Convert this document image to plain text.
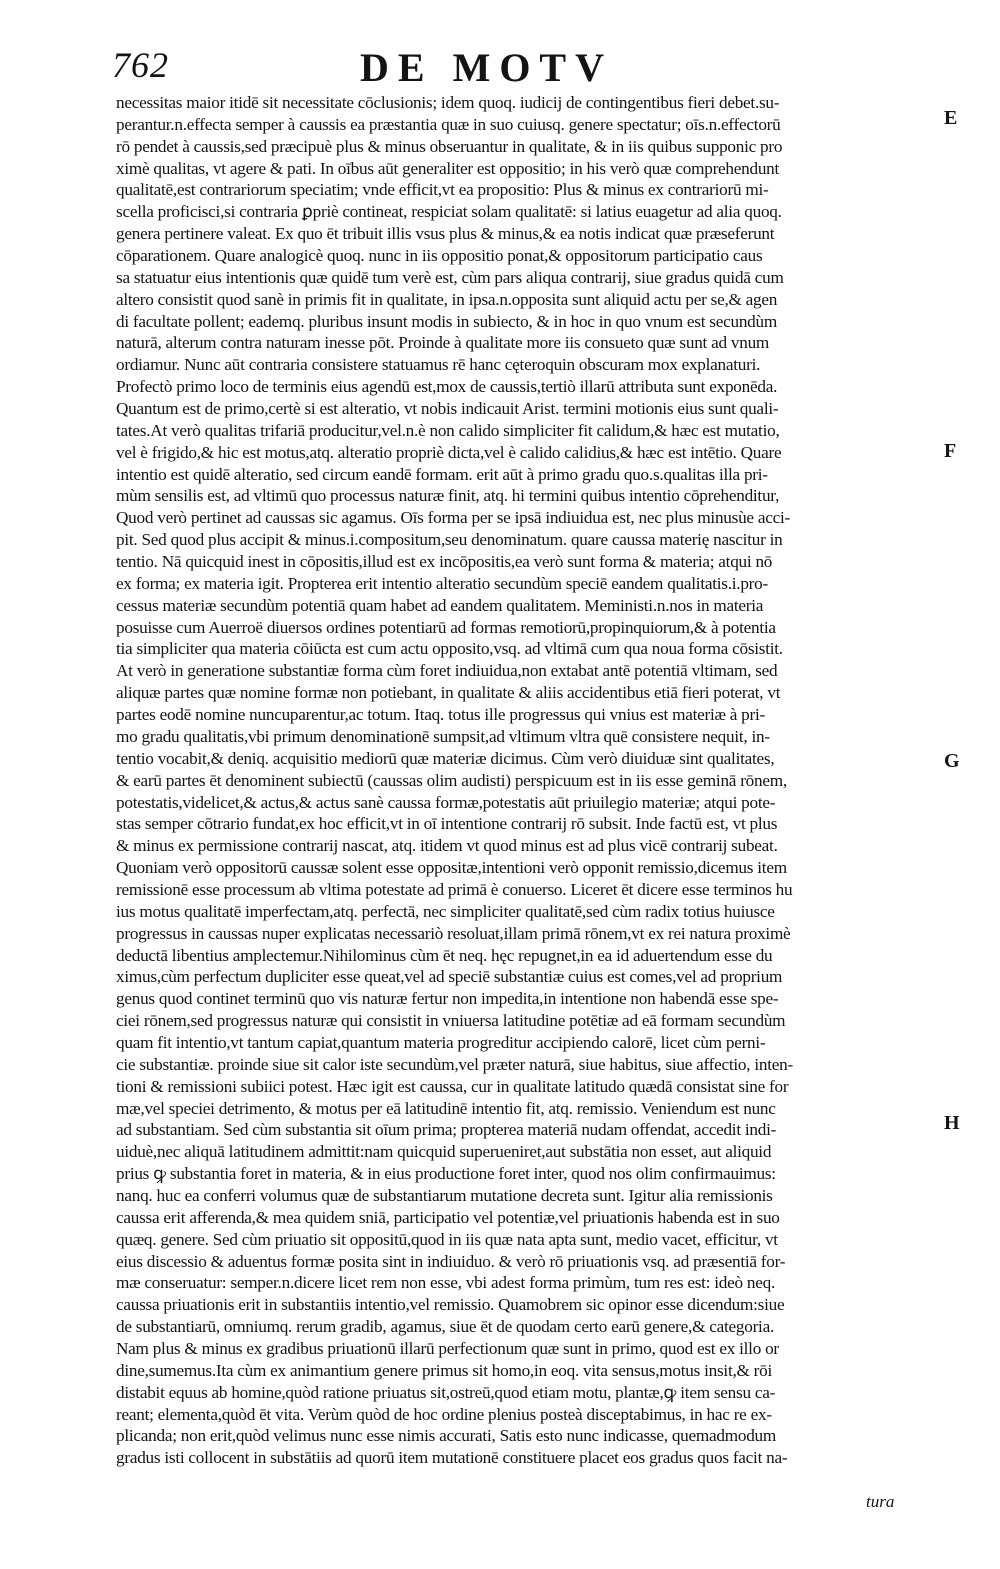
762	DE MOTV
necessitas maior itidē sit necessitate cōclusionis; idem quoq. iudicij de contingentibus fieri debet.su-
perantur.n.effecta semper à caussis ea præstantia quæ in suo cuiusq. genere spectatur; oīs.n.effectorū
rō pendet à caussis,sed præcipuè plus & minus obseruantur in qualitate, & in iis quibus supponic pro
ximè qualitas, vt agere & pati. In oībus aūt generaliter est oppositio; in his verò quæ comprehendunt
qualitatē,est contrariorum speciatim; vnde efficit,vt ea propositio: Plus & minus ex contrariorū mi-
scella proficisci,si contraria ꝑpriè contineat, respiciat solam qualitatē: si latius euagetur ad alia quoq.
genera pertinere valeat. Ex quo ēt tribuit illis vsus plus & minus,& ea notis indicat quæ præseferunt
cōparationem. Quare analogicè quoq. nunc in iis oppositio ponat,& oppositorum participatio caus
sa statuatur eius intentionis quæ quidē tum verè est, cùm pars aliqua contrarij, siue gradus quidā cum
altero consistit quod sanè in primis fit in qualitate, in ipsa.n.opposita sunt aliquid actu per se,& agen
di facultate pollent; eademq. pluribus insunt modis in subiecto, & in hoc in quo vnum est secundùm
naturā, alterum contra naturam inesse pōt. Proinde à qualitate more iis consueto quæ sunt ad vnum
ordiamur. Nunc aūt contraria consistere statuamus rē hanc cęteroquin obscuram mox explanaturi.
Profectò primo loco de terminis eius agendū est,mox de caussis,tertiò illarū attributa sunt exponēda.
Quantum est de primo,certè si est alteratio, vt nobis indicauit Arist. termini motionis eius sunt quali-
tates.At verò qualitas trifariā producitur,vel.n.è non calido simpliciter fit calidum,& hæc est mutatio,
vel è frigido,& hic est motus,atq. alteratio propriè dicta,vel è calido calidius,& hæc est intētio. Quare
intentio est quidē alteratio, sed circum eandē formam. erit aūt à primo gradu quo.s.qualitas illa pri-
mùm sensilis est, ad vltimū quo processus naturæ finit, atq. hi termini quibus intentio cōprehenditur,
Quod verò pertinet ad caussas sic agamus. Oīs forma per se ipsā indiuidua est, nec plus minusùe acci-
pit. Sed quod plus accipit & minus.i.compositum,seu denominatum. quare caussa materię nascitur in
tentio. Nā quicquid inest in cōpositis,illud est ex incōpositis,ea verò sunt forma & materia; atqui nō
ex forma; ex materia igit. Propterea erit intentio alteratio secundùm speciē eandem qualitatis.i.pro-
cessus materiæ secundùm potentiā quam habet ad eandem qualitatem. Meministi.n.nos in materia
posuisse cum Auerroë diuersos ordines potentiarū ad formas remotiorū,propinquiorum,& à potentia
tia simpliciter qua materia cōiūcta est cum actu opposito,vsq. ad vltimā cum qua noua forma cōsistit.
At verò in generatione substantiæ forma cùm foret indiuidua,non extabat antē potentiā vltimam, sed
aliquæ partes quæ nomine formæ non potiebant, in qualitate & aliis accidentibus etiā fieri poterat, vt
partes eodē nomine nuncuparentur,ac totum. Itaq. totus ille progressus qui vnius est materiæ à pri-
mo gradu qualitatis,vbi primum denominationē sumpsit,ad vltimum vltra quē consistere nequit, in-
tentio vocabit,& deniq. acquisitio mediorū quæ materiæ dicimus. Cùm verò diuiduæ sint qualitates,
& earū partes ēt denominent subiectū (caussas olim audisti) perspicuum est in iis esse geminā rōnem,
potestatis,videlicet,& actus,& actus sanè caussa formæ,potestatis aūt priuilegio materiæ; atqui pote-
stas semper cōtrario fundat,ex hoc efficit,vt in oī intentione contrarij rō subsit. Inde factū est, vt plus
& minus ex permissione contrarij nascat, atq. itidem vt quod minus est ad plus vicē contrarij subeat.
Quoniam verò oppositorū caussæ solent esse oppositæ,intentioni verò opponit remissio,dicemus item
remissionē esse processum ab vltima potestate ad primā è conuerso. Liceret ēt dicere esse terminos hu
ius motus qualitatē imperfectam,atq. perfectā, nec simpliciter qualitatē,sed cùm radix totius huiusce
progressus in caussas nuper explicatas necessariò resoluat,illam primā rōnem,vt ex rei natura proximè
deductā libentius amplectemur.Nihilominus cùm ēt neq. hęc repugnet,in ea id aduertendum esse du
ximus,cùm perfectum dupliciter esse queat,vel ad speciē substantiæ cuius est comes,vel ad proprium
genus quod continet terminū quo vis naturæ fertur non impedita,in intentione non habendā esse spe-
ciei rōnem,sed progressus naturæ qui consistit in vniuersa latitudine potētiæ ad eā formam secundùm
quam fit intentio,vt tantum capiat,quantum materia progreditur accipiendo calorē, licet cùm perni-
cie substantiæ. proinde siue sit calor iste secundùm,vel præter naturā, siue habitus, siue affectio, inten-
tioni & remissioni subiici potest. Hæc igit est caussa, cur in qualitate latitudo quædā consistat sine for
mæ,vel speciei detrimento, & motus per eā latitudinē intentio fit, atq. remissio. Veniendum est nunc
ad substantiam. Sed cùm substantia sit oīum prima; propterea materiā nudam offendat, accedit indi-
uiduè,nec aliquā latitudinem admittit:nam quicquid superueniret,aut substātia non esset, aut aliquid
prius ꝙ substantia foret in materia, & in eius productione foret inter, quod nos olim confirmauimus:
nanq. huc ea conferri volumus quæ de substantiarum mutatione decreta sunt. Igitur alia remissionis
caussa erit afferenda,& mea quidem sniā, participatio vel potentiæ,vel priuationis habenda est in suo
quæq. genere. Sed cùm priuatio sit oppositū,quod in iis quæ nata apta sunt, medio vacet, efficitur, vt
eius discessio & aduentus formæ posita sint in indiuiduo. & verò rō priuationis vsq. ad præsentiā for-
mæ conseruatur: semper.n.dicere licet rem non esse, vbi adest forma primùm, tum res est: ideò neq.
caussa priuationis erit in substantiis intentio,vel remissio. Quamobrem sic opinor esse dicendum:siue
de substantiarū, omniumq. rerum gradib, agamus, siue ēt de quodam certo earū genere,& categoria.
Nam plus & minus ex gradibus priuationū illarū perfectionum quæ sunt in primo, quod est ex illo or
dine,sumemus.Ita cùm ex animantium genere primus sit homo,in eoq. vita sensus,motus insit,& rōi
distabit equus ab homine,quòd ratione priuatus sit,ostreū,quod etiam motu, plantæ,ꝙ item sensu ca-
reant; elementa,quòd ēt vita. Verùm quòd de hoc ordine plenius posteà disceptabimus, in hac re ex-
plicanda; non erit,quòd velimus nunc esse nimis accurati, Satis esto nunc indicasse, quemadmodum
gradus isti collocent in substātiis ad quorū item mutationē constituere placet eos gradus quos facit na-
E
F
G
H
tura
